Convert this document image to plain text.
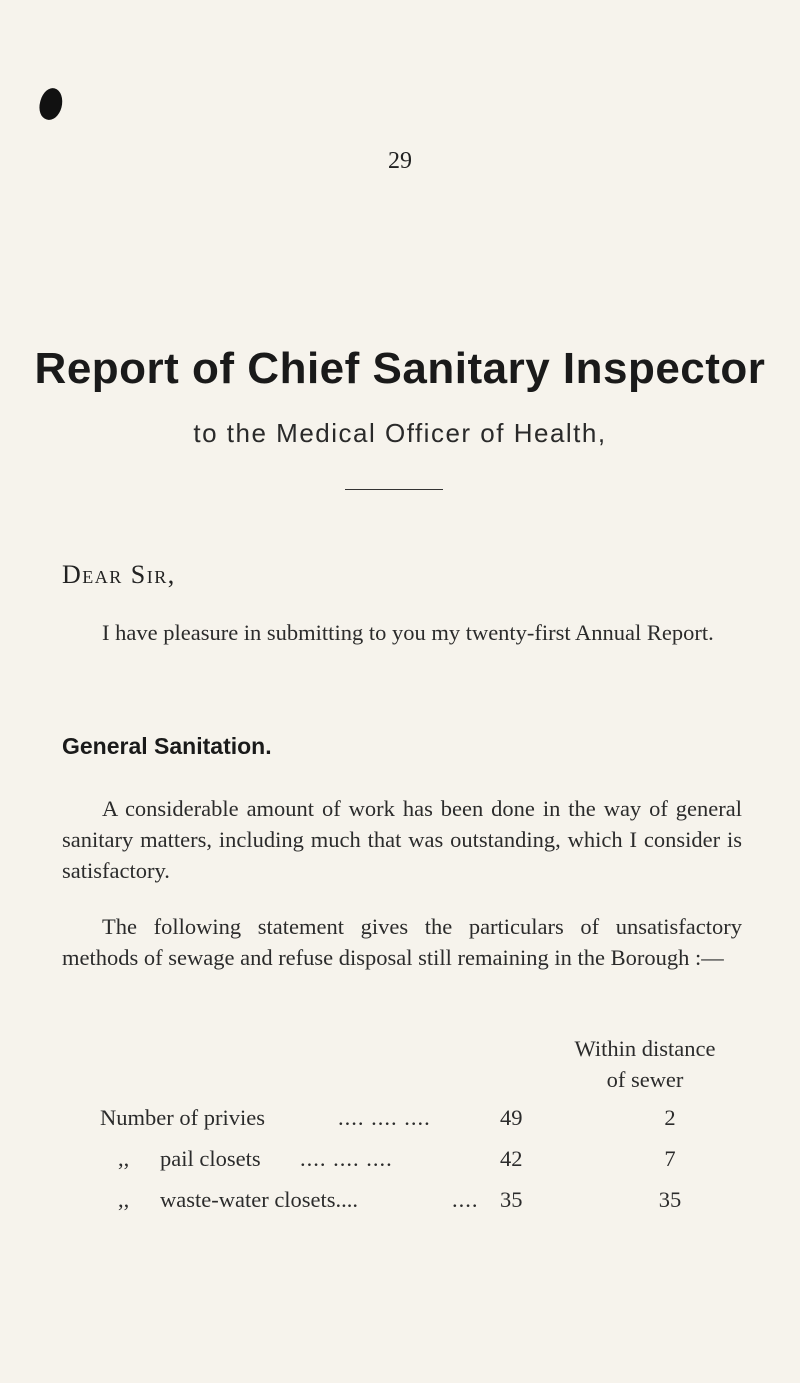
29
Report of Chief Sanitary Inspector
to the Medical Officer of Health,
Dear Sir,
I have pleasure in submitting to you my twenty-first Annual Report.
General Sanitation.
A considerable amount of work has been done in the way of general sanitary matters, including much that was outstanding, which I consider is satisfactory.
The following statement gives the particulars of unsatisfactory methods of sewage and refuse disposal still remaining in the Borough :—
Within distance
of sewer
Number of privies	.... .... ....	49	2
,, pail closets .... .... ....	42	7
,, waste-water closets....	.... 35	35
